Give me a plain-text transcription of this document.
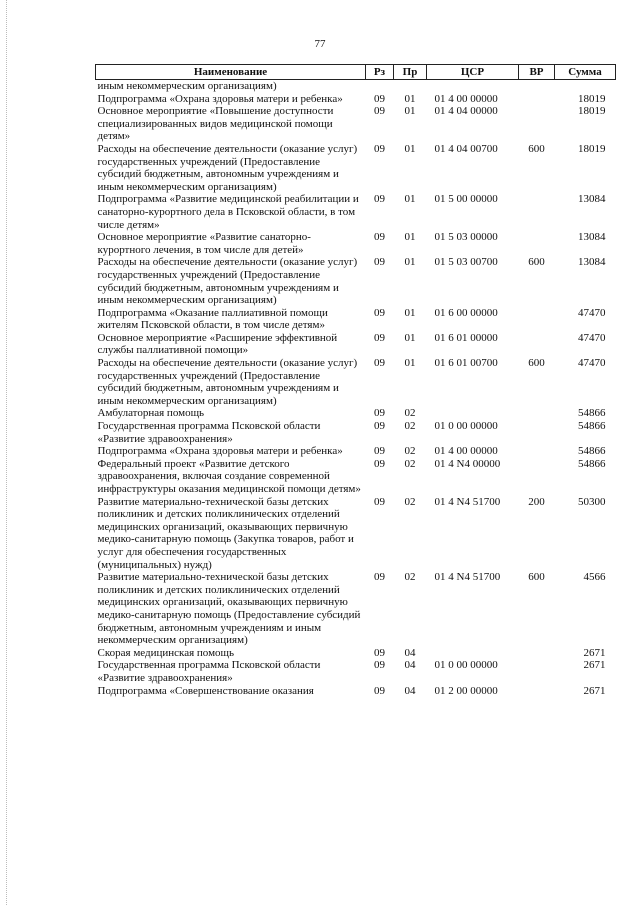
77
Наименование	Рз	Пр	ЦСР	ВР	Сумма
иным некоммерческим организациям)					
Подпрограмма «Охрана здоровья матери и ребенка»	09	01	01 4 00 00000		18019
Основное мероприятие «Повышение доступности специализированных видов медицинской помощи детям»	09	01	01 4 04 00000		18019
Расходы на обеспечение деятельности (оказание услуг) государственных учреждений (Предоставление субсидий бюджетным, автономным учреждениям и иным некоммерческим организациям)	09	01	01 4 04 00700	600	18019
Подпрограмма «Развитие медицинской реабилитации и санаторно-курортного дела в Псковской области, в том числе детям»	09	01	01 5 00 00000		13084
Основное мероприятие «Развитие санаторно-курортного лечения, в том числе для детей»	09	01	01 5 03 00000		13084
Расходы на обеспечение деятельности (оказание услуг) государственных учреждений (Предоставление субсидий бюджетным, автономным учреждениям и иным некоммерческим организациям)	09	01	01 5 03 00700	600	13084
Подпрограмма «Оказание паллиативной помощи жителям Псковской области, в том числе детям»	09	01	01 6 00 00000		47470
Основное мероприятие «Расширение эффективной службы паллиативной помощи»	09	01	01 6 01 00000		47470
Расходы на обеспечение деятельности (оказание услуг) государственных учреждений (Предоставление субсидий бюджетным, автономным учреждениям и иным некоммерческим организациям)	09	01	01 6 01 00700	600	47470
Амбулаторная помощь	09	02			54866
Государственная программа Псковской области «Развитие здравоохранения»	09	02	01 0 00 00000		54866
Подпрограмма «Охрана здоровья матери и ребенка»	09	02	01 4 00 00000		54866
Федеральный проект «Развитие детского здравоохранения, включая создание современной инфраструктуры оказания медицинской помощи детям»	09	02	01 4 N4 00000		54866
Развитие материально-технической базы детских поликлиник и детских поликлинических отделений медицинских организаций, оказывающих первичную медико-санитарную помощь (Закупка товаров, работ и услуг для обеспечения государственных (муниципальных) нужд)	09	02	01 4 N4 51700	200	50300
Развитие материально-технической базы детских поликлиник и детских поликлинических отделений медицинских организаций, оказывающих первичную медико-санитарную помощь (Предоставление субсидий бюджетным, автономным учреждениям и иным некоммерческим организациям)	09	02	01 4 N4 51700	600	4566
Скорая медицинская помощь	09	04			2671
Государственная программа Псковской области «Развитие здравоохранения»	09	04	01 0 00 00000		2671
Подпрограмма «Совершенствование оказания	09	04	01 2 00 00000		2671
